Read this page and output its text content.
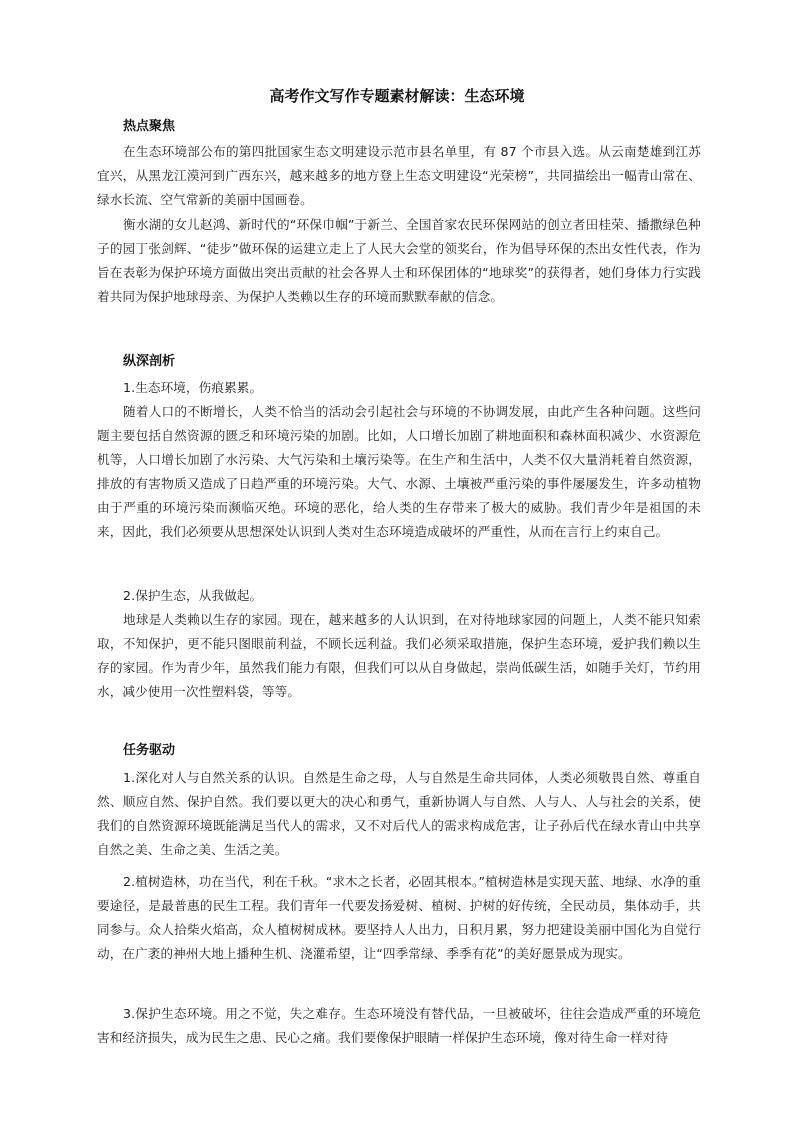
高考作文写作专题素材解读：生态环境
热点聚焦
在生态环境部公布的第四批国家生态文明建设示范市县名单里，有 87 个市县入选。从云南楚雄到江苏宜兴，从黑龙江漠河到广西东兴，越来越多的地方登上生态文明建设“光荣榜”，共同描绘出一幅青山常在、绿水长流、空气常新的美丽中国画卷。
衡水湖的女儿赵鸿、新时代的“环保巾帼”于新兰、全国首家农民环保网站的创立者田桂荣、播撒绿色种子的园丁张剑辉、“徒步”做环保的运建立走上了人民大会堂的领奖台，作为倡导环保的杰出女性代表，作为旨在表彰为保护环境方面做出突出贡献的社会各界人士和环保团体的“地球奖”的获得者，她们身体力行实践着共同为保护地球母亲、为保护人类赖以生存的环境而默默奉献的信念。
纵深剖析
1.生态环境，伤痕累累。
随着人口的不断增长，人类不恰当的活动会引起社会与环境的不协调发展，由此产生各种问题。这些问题主要包括自然资源的匮乏和环境污染的加剧。比如，人口增长加剧了耕地面积和森林面积减少、水资源危机等，人口增长加剧了水污染、大气污染和土壤污染等。在生产和生活中，人类不仅大量消耗着自然资源，排放的有害物质又造成了日趋严重的环境污染。大气、水源、土壤被严重污染的事件屡屡发生，许多动植物由于严重的环境污染而濒临灭绝。环境的恶化，给人类的生存带来了极大的威胁。我们青少年是祖国的未来，因此，我们必须要从思想深处认识到人类对生态环境造成破坏的严重性，从而在言行上约束自己。
2.保护生态，从我做起。
地球是人类赖以生存的家园。现在，越来越多的人认识到，在对待地球家园的问题上，人类不能只知索取，不知保护，更不能只图眼前利益，不顾长远利益。我们必须采取措施，保护生态环境，爱护我们赖以生存的家园。作为青少年，虽然我们能力有限，但我们可以从自身做起，崇尚低碳生活，如随手关灯，节约用水，减少使用一次性塑料袋，等等。
任务驱动
1.深化对人与自然关系的认识。自然是生命之母，人与自然是生命共同体，人类必须敬畏自然、尊重自然、顺应自然、保护自然。我们要以更大的决心和勇气，重新协调人与自然、人与人、人与社会的关系，使我们的自然资源环境既能满足当代人的需求，又不对后代人的需求构成危害，让子孙后代在绿水青山中共享自然之美、生命之美、生活之美。
2.植树造林，功在当代，利在千秋。“求木之长者，必固其根本。”植树造林是实现天蓝、地绿、水净的重要途径，是最普惠的民生工程。我们青年一代要发扬爱树、植树、护树的好传统，全民动员，集体动手，共同参与。众人拾柴火焰高，众人植树树成林。要坚持人人出力，日积月累，努力把建设美丽中国化为自觉行动，在广袤的神州大地上播种生机、浇灌希望，让“四季常绿、季季有花”的美好愿景成为现实。
3.保护生态环境。用之不觉，失之难存。生态环境没有替代品，一旦被破坏，往往会造成严重的环境危害和经济损失，成为民生之患、民心之痛。我们要像保护眼睛一样保护生态环境，像对待生命一样对待
